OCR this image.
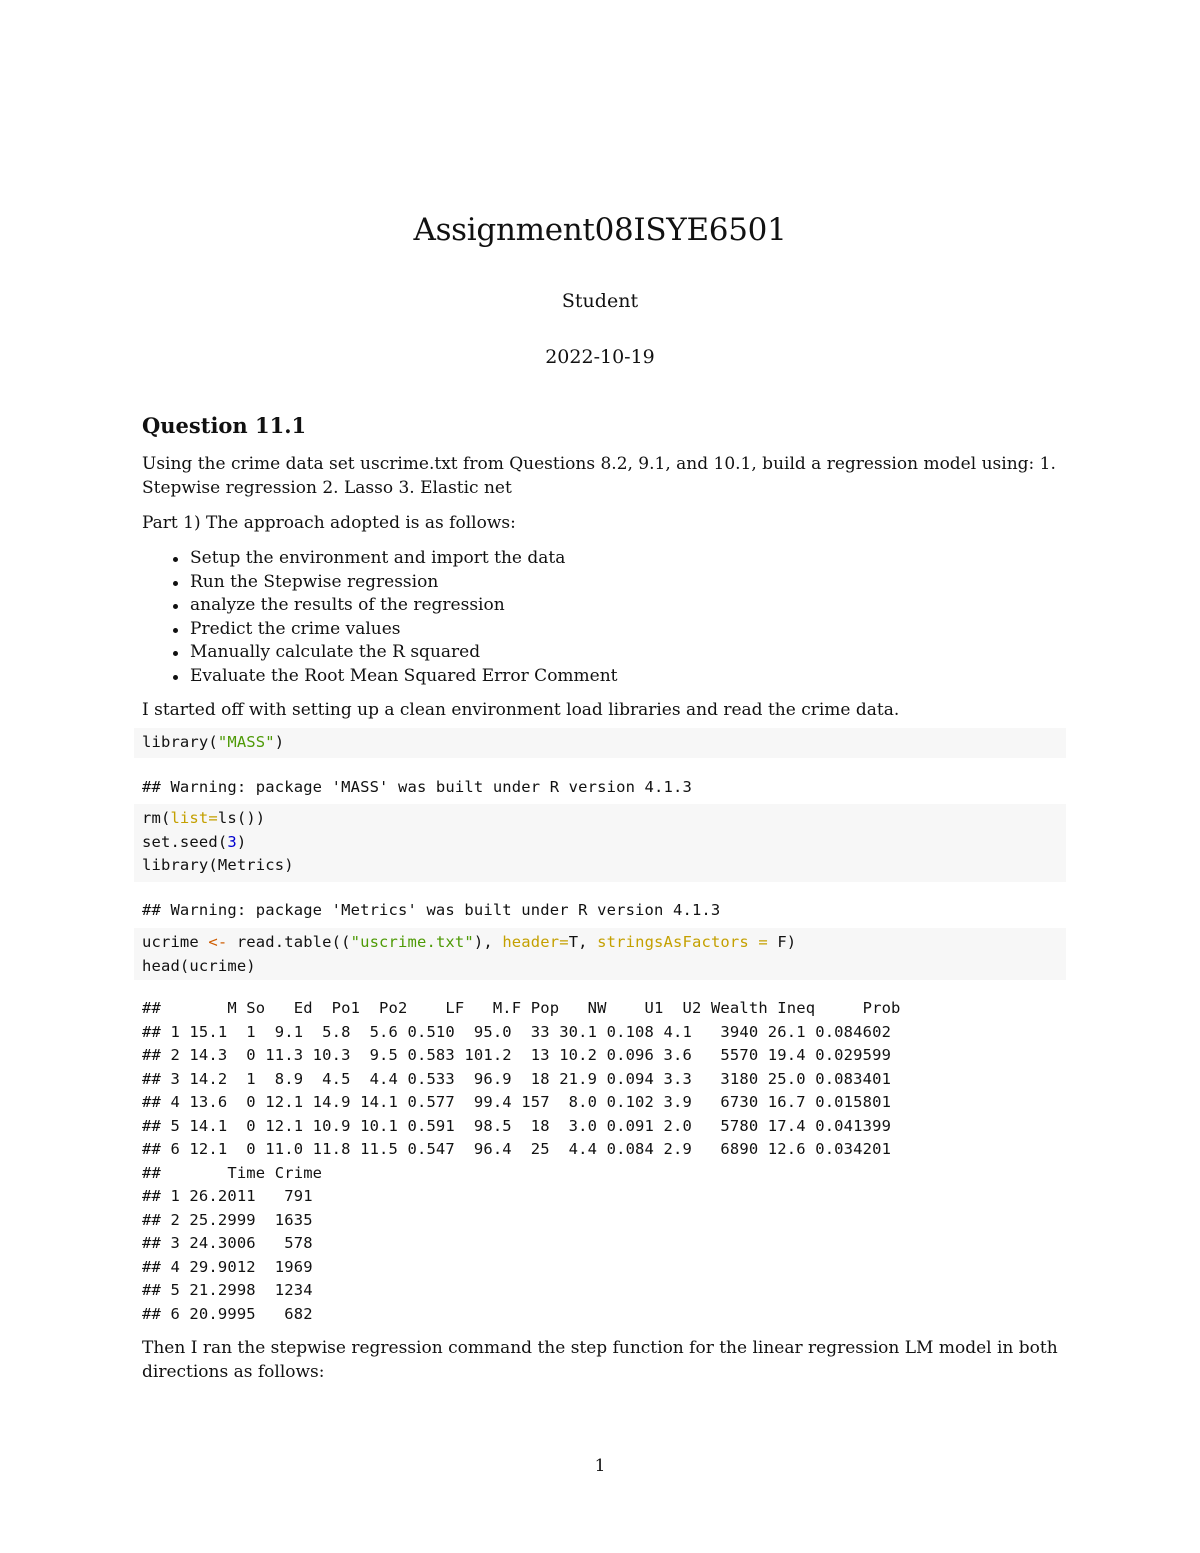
Assignment08ISYE6501
Student
2022-10-19
Question 11.1
Using the crime data set uscrime.txt from Questions 8.2, 9.1, and 10.1, build a regression model using: 1. Stepwise regression 2. Lasso 3. Elastic net
Part 1) The approach adopted is as follows:
Setup the environment and import the data
Run the Stepwise regression
analyze the results of the regression
Predict the crime values
Manually calculate the R squared
Evaluate the Root Mean Squared Error Comment
I started off with setting up a clean environment load libraries and read the crime data.
library("MASS")
## Warning: package 'MASS' was built under R version 4.1.3
rm(list=ls())
set.seed(3)
library(Metrics)
## Warning: package 'Metrics' was built under R version 4.1.3
ucrime <- read.table(("uscrime.txt"), header=T, stringsAsFactors = F)
head(ucrime)
##       M So   Ed  Po1  Po2    LF   M.F Pop   NW    U1  U2 Wealth Ineq     Prob
## 1 15.1  1  9.1  5.8  5.6 0.510  95.0  33 30.1 0.108 4.1   3940 26.1 0.084602
## 2 14.3  0 11.3 10.3  9.5 0.583 101.2  13 10.2 0.096 3.6   5570 19.4 0.029599
## 3 14.2  1  8.9  4.5  4.4 0.533  96.9  18 21.9 0.094 3.3   3180 25.0 0.083401
## 4 13.6  0 12.1 14.9 14.1 0.577  99.4 157  8.0 0.102 3.9   6730 16.7 0.015801
## 5 14.1  0 12.1 10.9 10.1 0.591  98.5  18  3.0 0.091 2.0   5780 17.4 0.041399
## 6 12.1  0 11.0 11.8 11.5 0.547  96.4  25  4.4 0.084 2.9   6890 12.6 0.034201
##       Time Crime
## 1 26.2011   791
## 2 25.2999  1635
## 3 24.3006   578
## 4 29.9012  1969
## 5 21.2998  1234
## 6 20.9995   682
Then I ran the stepwise regression command the step function for the linear regression LM model in both directions as follows:
1
